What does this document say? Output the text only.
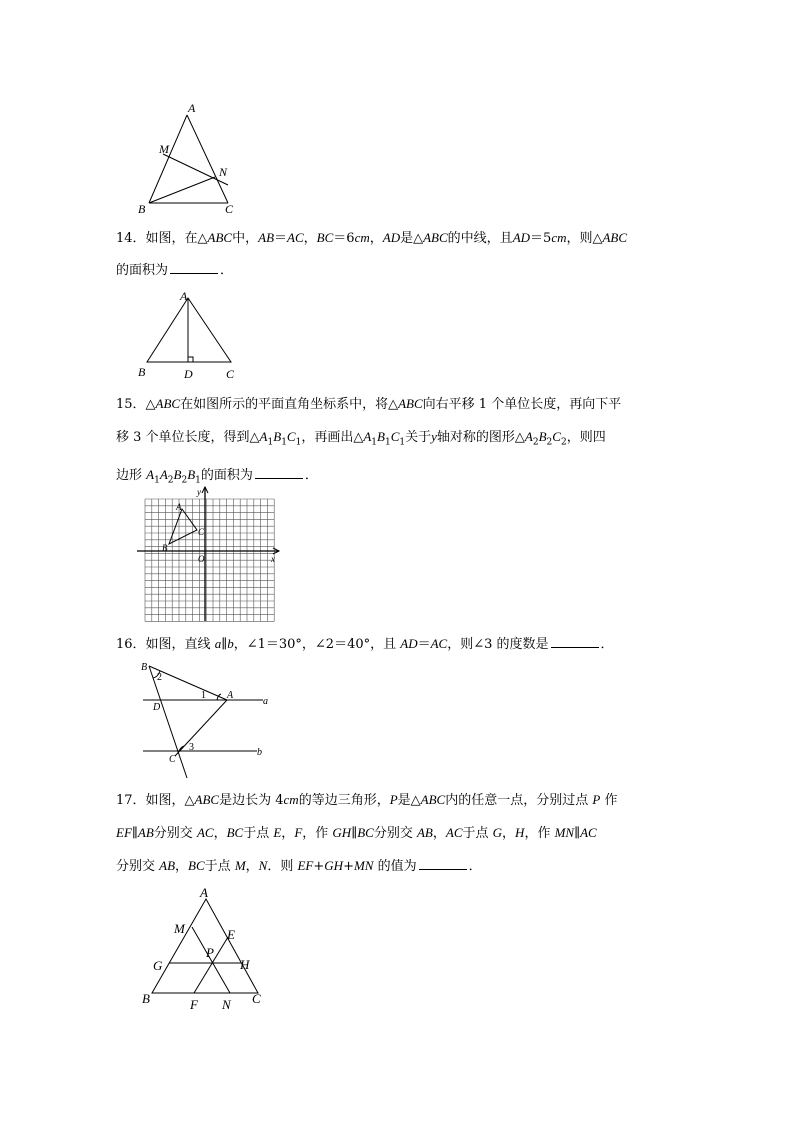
A
M
N
B	C
14．如图，在△ABC中，AB＝AC，BC＝6cm，AD是△ABC的中线，且AD＝5cm，则△ABC
的面积为	．
A
B	D	C
15．△ABC在如图所示的平面直角坐标系中，将△ABC向右平移 1 个单位长度，再向下平
移 3 个单位长度，得到$\triangle A_1B_1C_1$，再画出$\triangle A_1B_1C_1$关于y轴对称的图形$\triangle A_2B_2C_2$，则四
边形 $A_1A_2B_2B_1$的面积为	．
y
x
A
C
B
O
16．如图，直线 a∥b，∠1＝30°，∠2＝40°，且 AD＝AC，则∠3 的度数是	．
B
2
1 A
a
D
3	b
C
17．如图，△ABC是边长为 4cm的等边三角形，P是△ABC内的任意一点，分别过点 P 作
EF∥AB分别交 AC，BC于点 E，F，作 GH∥BC分别交 AB，AC于点 G，H，作 MN∥AC
分别交 AB，BC于点 M，N．则 EF+GH+MN 的值为	．
A
M	E
P
G	H
B	F N C
